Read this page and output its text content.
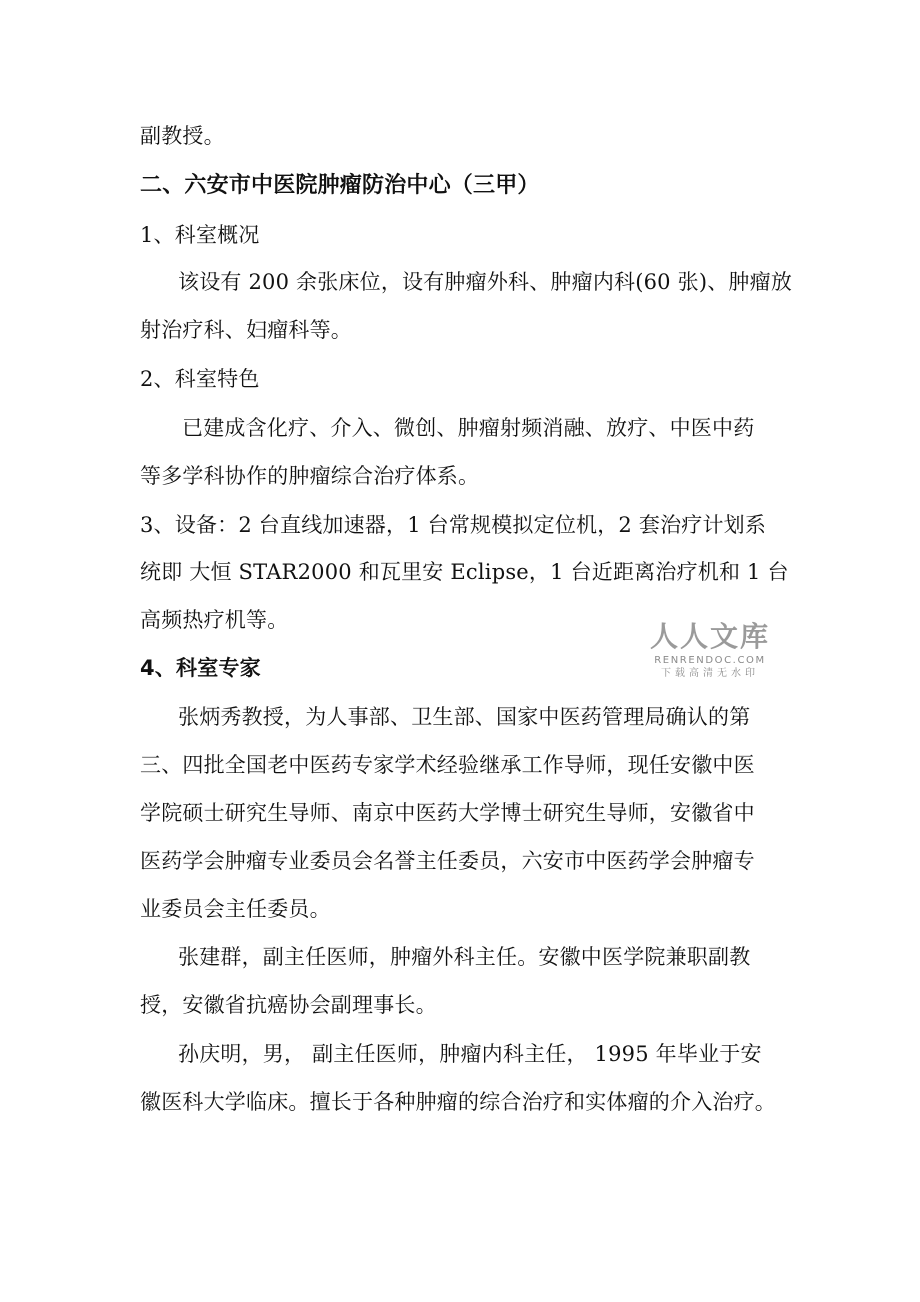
副教授。
二、六安市中医院肿瘤防治中心（三甲）
1、科室概况
该设有 200 余张床位，设有肿瘤外科、肿瘤内科(60 张)、肿瘤放
射治疗科、妇瘤科等。
2、科室特色
已建成含化疗、介入、微创、肿瘤射频消融、放疗、中医中药
等多学科协作的肿瘤综合治疗体系。
3、设备：2 台直线加速器，1 台常规模拟定位机，2 套治疗计划系
统即 大恒 STAR2000 和瓦里安 Eclipse，1 台近距离治疗机和 1 台
高频热疗机等。
4、科室专家
张炳秀教授，为人事部、卫生部、国家中医药管理局确认的第
三、四批全国老中医药专家学术经验继承工作导师，现任安徽中医
学院硕士研究生导师、南京中医药大学博士研究生导师，安徽省中
医药学会肿瘤专业委员会名誉主任委员，六安市中医药学会肿瘤专
业委员会主任委员。
张建群，副主任医师，肿瘤外科主任。安徽中医学院兼职副教
授，安徽省抗癌协会副理事长。
孙庆明，男， 副主任医师，肿瘤内科主任， 1995 年毕业于安
徽医科大学临床。擅长于各种肿瘤的综合治疗和实体瘤的介入治疗。
人人文库
RENRENDOC.COM
下载高清无水印
